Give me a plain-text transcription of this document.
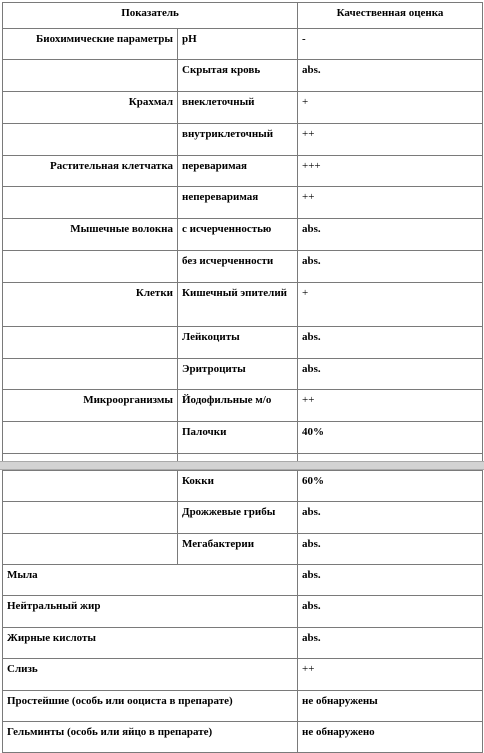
Показатель		Качественная оценка
Биохимические параметры	pH	-
	Скрытая кровь	abs.
Крахмал	внеклеточный	+
	внутриклеточный	++
Растительная клетчатка	переваримая	+++
	непереваримая	++
Мышечные волокна	с исчерченностью	abs.
	без исчерченности	abs.
Клетки	Кишечный эпителий	+
	Лейкоциты	abs.
	Эритроциты	abs.
Микроорганизмы	Йодофильные м/о	++
	Палочки	40%

	Кокки	60%
	Дрожжевые грибы	abs.
	Мегабактерии	abs.
Мыла		abs.
Нейтральный жир		abs.
Жирные кислоты		abs.
Слизь		++
Простейшие (особь или ооциста в препарате)		не обнаружены
Гельминты (особь или яйцо в препарате)		не обнаружено
